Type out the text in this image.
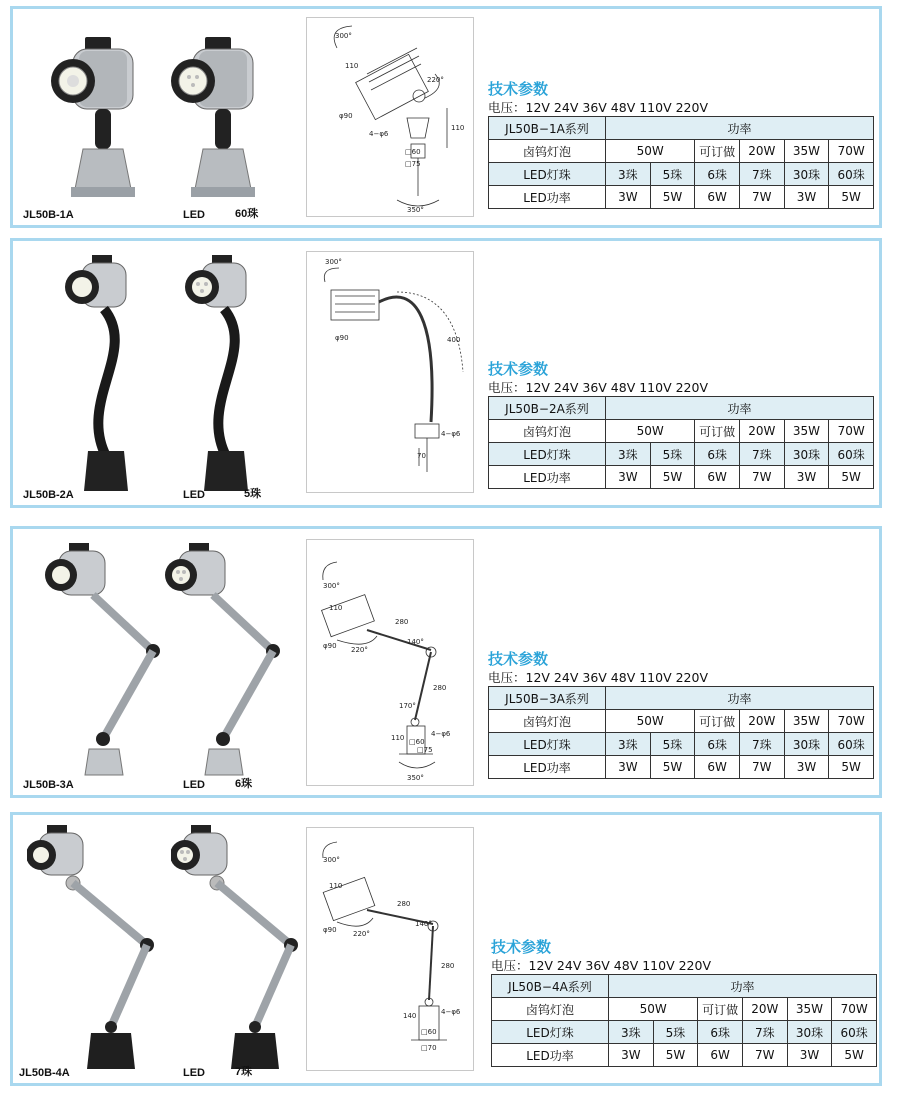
JL50B-1A	LED	60珠
300°
110
220°
φ90
110
4−φ6
□60
□75
350°
技术参数
电压：12V 24V 36V 48V 110V 220V
JL50B−1A系列	功率					
卤钨灯泡	50W		可订做	20W	35W	70W
LED灯珠	3珠	5珠	6珠	7珠	30珠	60珠
LED功率	3W	5W	6W	7W	3W	5W
JL50B-2A	LED	5珠
300°
φ90	400
4−φ6
70
技术参数
电压：12V 24V 36V 48V 110V 220V
JL50B−2A系列	功率					
卤钨灯泡	50W		可订做	20W	35W	70W
LED灯珠	3珠	5珠	6珠	7珠	30珠	60珠
LED功率	3W	5W	6W	7W	3W	5W
JL50B-3A	LED	6珠
300°
110
280
140°
φ90 220°
280
170°
110	4−φ6
□60
□75
350°
技术参数
电压：12V 24V 36V 48V 110V 220V
JL50B−3A系列	功率					
卤钨灯泡	50W		可订做	20W	35W	70W
LED灯珠	3珠	5珠	6珠	7珠	30珠	60珠
LED功率	3W	5W	6W	7W	3W	5W
JL50B-4A	LED	7珠
300°
110
280
140°
φ90 220°
280
140	4−φ6
□60
□70
技术参数
电压：12V 24V 36V 48V 110V 220V
JL50B−4A系列	功率					
卤钨灯泡	50W		可订做	20W	35W	70W
LED灯珠	3珠	5珠	6珠	7珠	30珠	60珠
LED功率	3W	5W	6W	7W	3W	5W
